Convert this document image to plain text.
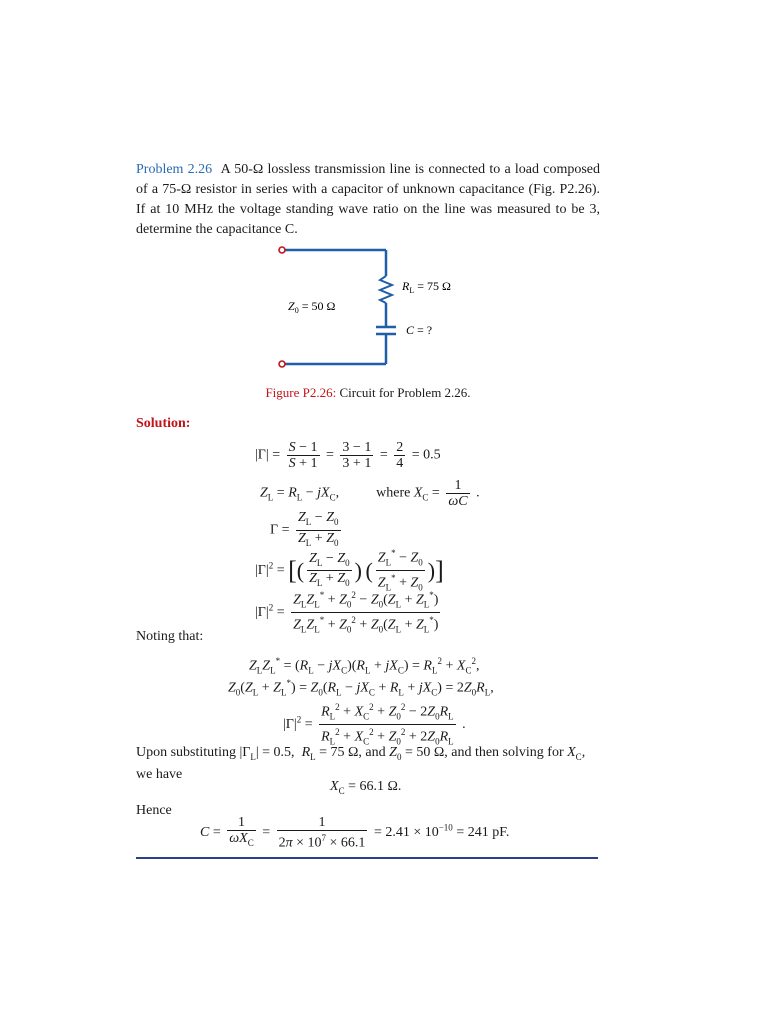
Problem 2.26 A 50-Ω lossless transmission line is connected to a load composed of a 75-Ω resistor in series with a capacitor of unknown capacitance (Fig. P2.26). If at 10 MHz the voltage standing wave ratio on the line was measured to be 3, determine the capacitance C.
$R_L = 75$ Ω
$Z_0 = 50$ Ω
C = ?
Figure P2.26: Circuit for Problem 2.26.
Solution:
$|\Gamma| = \frac{S - 1}{S + 1} = \frac{3 - 1}{3 + 1} = \frac{2}{4} = 0.5$
$Z_L = R_L - jX_C$,  where $X_C = \frac{1}{\omega C}$ .
$\Gamma = \frac{Z_L - Z_0}{Z_L + Z_0}$
$|\Gamma|^2$ = [( $\frac{Z_L - Z_0}{Z_L + Z_0}$ ) ( $\frac{Z_L^* - Z_0}{Z_L^* + Z_0}$ )]
$|\Gamma|^2 = \frac{Z_LZ_L^* + Z_0^2 - Z_0(Z_L + Z_L^*)}{Z_LZ_L^* + Z_0^2 + Z_0(Z_L + Z_L^*)}$
Noting that:
$Z_LZ_L^* = (R_L - jX_C)(R_L + jX_C) = R_L^2 + X_C^2$,
$Z_0(Z_L + Z_L^*) = Z_0(R_L - jX_C + R_L + jX_C) = 2Z_0R_L$,
$|\Gamma|^2 = \frac{R_L^2 + X_C^2 + Z_0^2 - 2Z_0R_L}{R_L^2 + X_C^2 + Z_0^2 + 2Z_0R_L}$ .
Upon substituting $|\Gamma_L| = 0.5$,  $R_L = 75$ Ω, and $Z_0 = 50$ Ω, and then solving for $X_C$,
we have
$X_C = 66.1$ Ω.
Hence
$C = \frac{1}{\omega X_C} = \frac{1}{2\pi \times 10^7 \times 66.1} = 2.41 \times 10^{-10} = 241$ pF.
